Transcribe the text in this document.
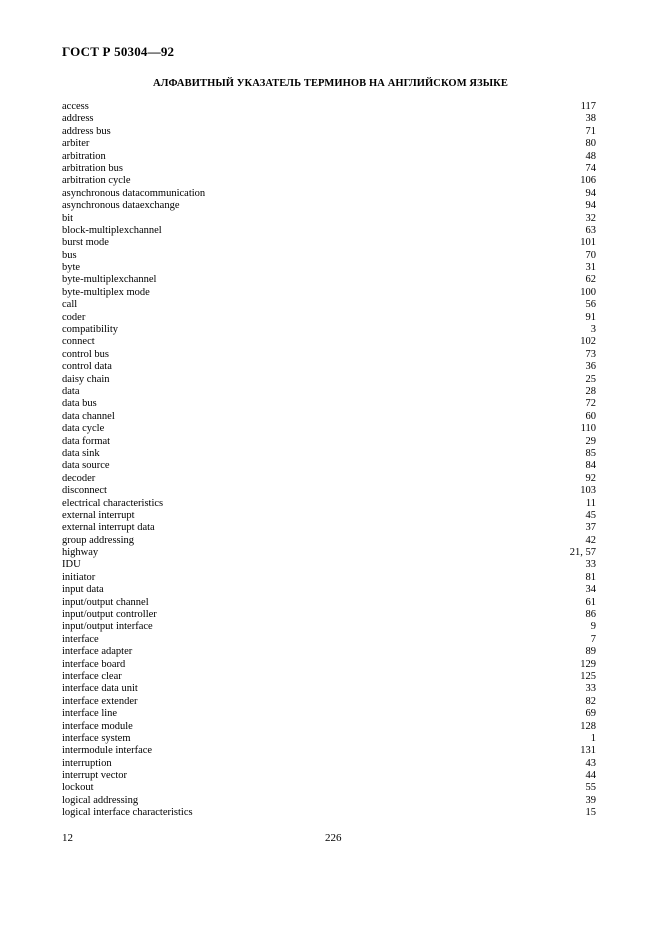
ГОСТ Р 50304—92
АЛФАВИТНЫЙ УКАЗАТЕЛЬ ТЕРМИНОВ НА АНГЛИЙСКОМ ЯЗЫКЕ
access	117
address	38
address bus	71
arbiter	80
arbitration	48
arbitration bus	74
arbitration cycle	106
asynchronous datacommunication	94
asynchronous dataexchange	94
bit	32
block-multiplexchannel	63
burst mode	101
bus	70
byte	31
byte-multiplexchannel	62
byte-multiplex mode	100
call	56
coder	91
compatibility	3
connect	102
control bus	73
control data	36
daisy chain	25
data	28
data bus	72
data channel	60
data cycle	110
data format	29
data sink	85
data source	84
decoder	92
disconnect	103
electrical characteristics	11
external interrupt	45
external interrupt data	37
group addressing	42
highway	21, 57
IDU	33
initiator	81
input data	34
input/output channel	61
input/output controller	86
input/output interface	9
interface	7
interface adapter	89
interface board	129
interface clear	125
interface data unit	33
interface extender	82
interface line	69
interface module	128
interface system	1
intermodule interface	131
interruption	43
interrupt vector	44
lockout	55
logical addressing	39
logical interface characteristics	15
12	226
